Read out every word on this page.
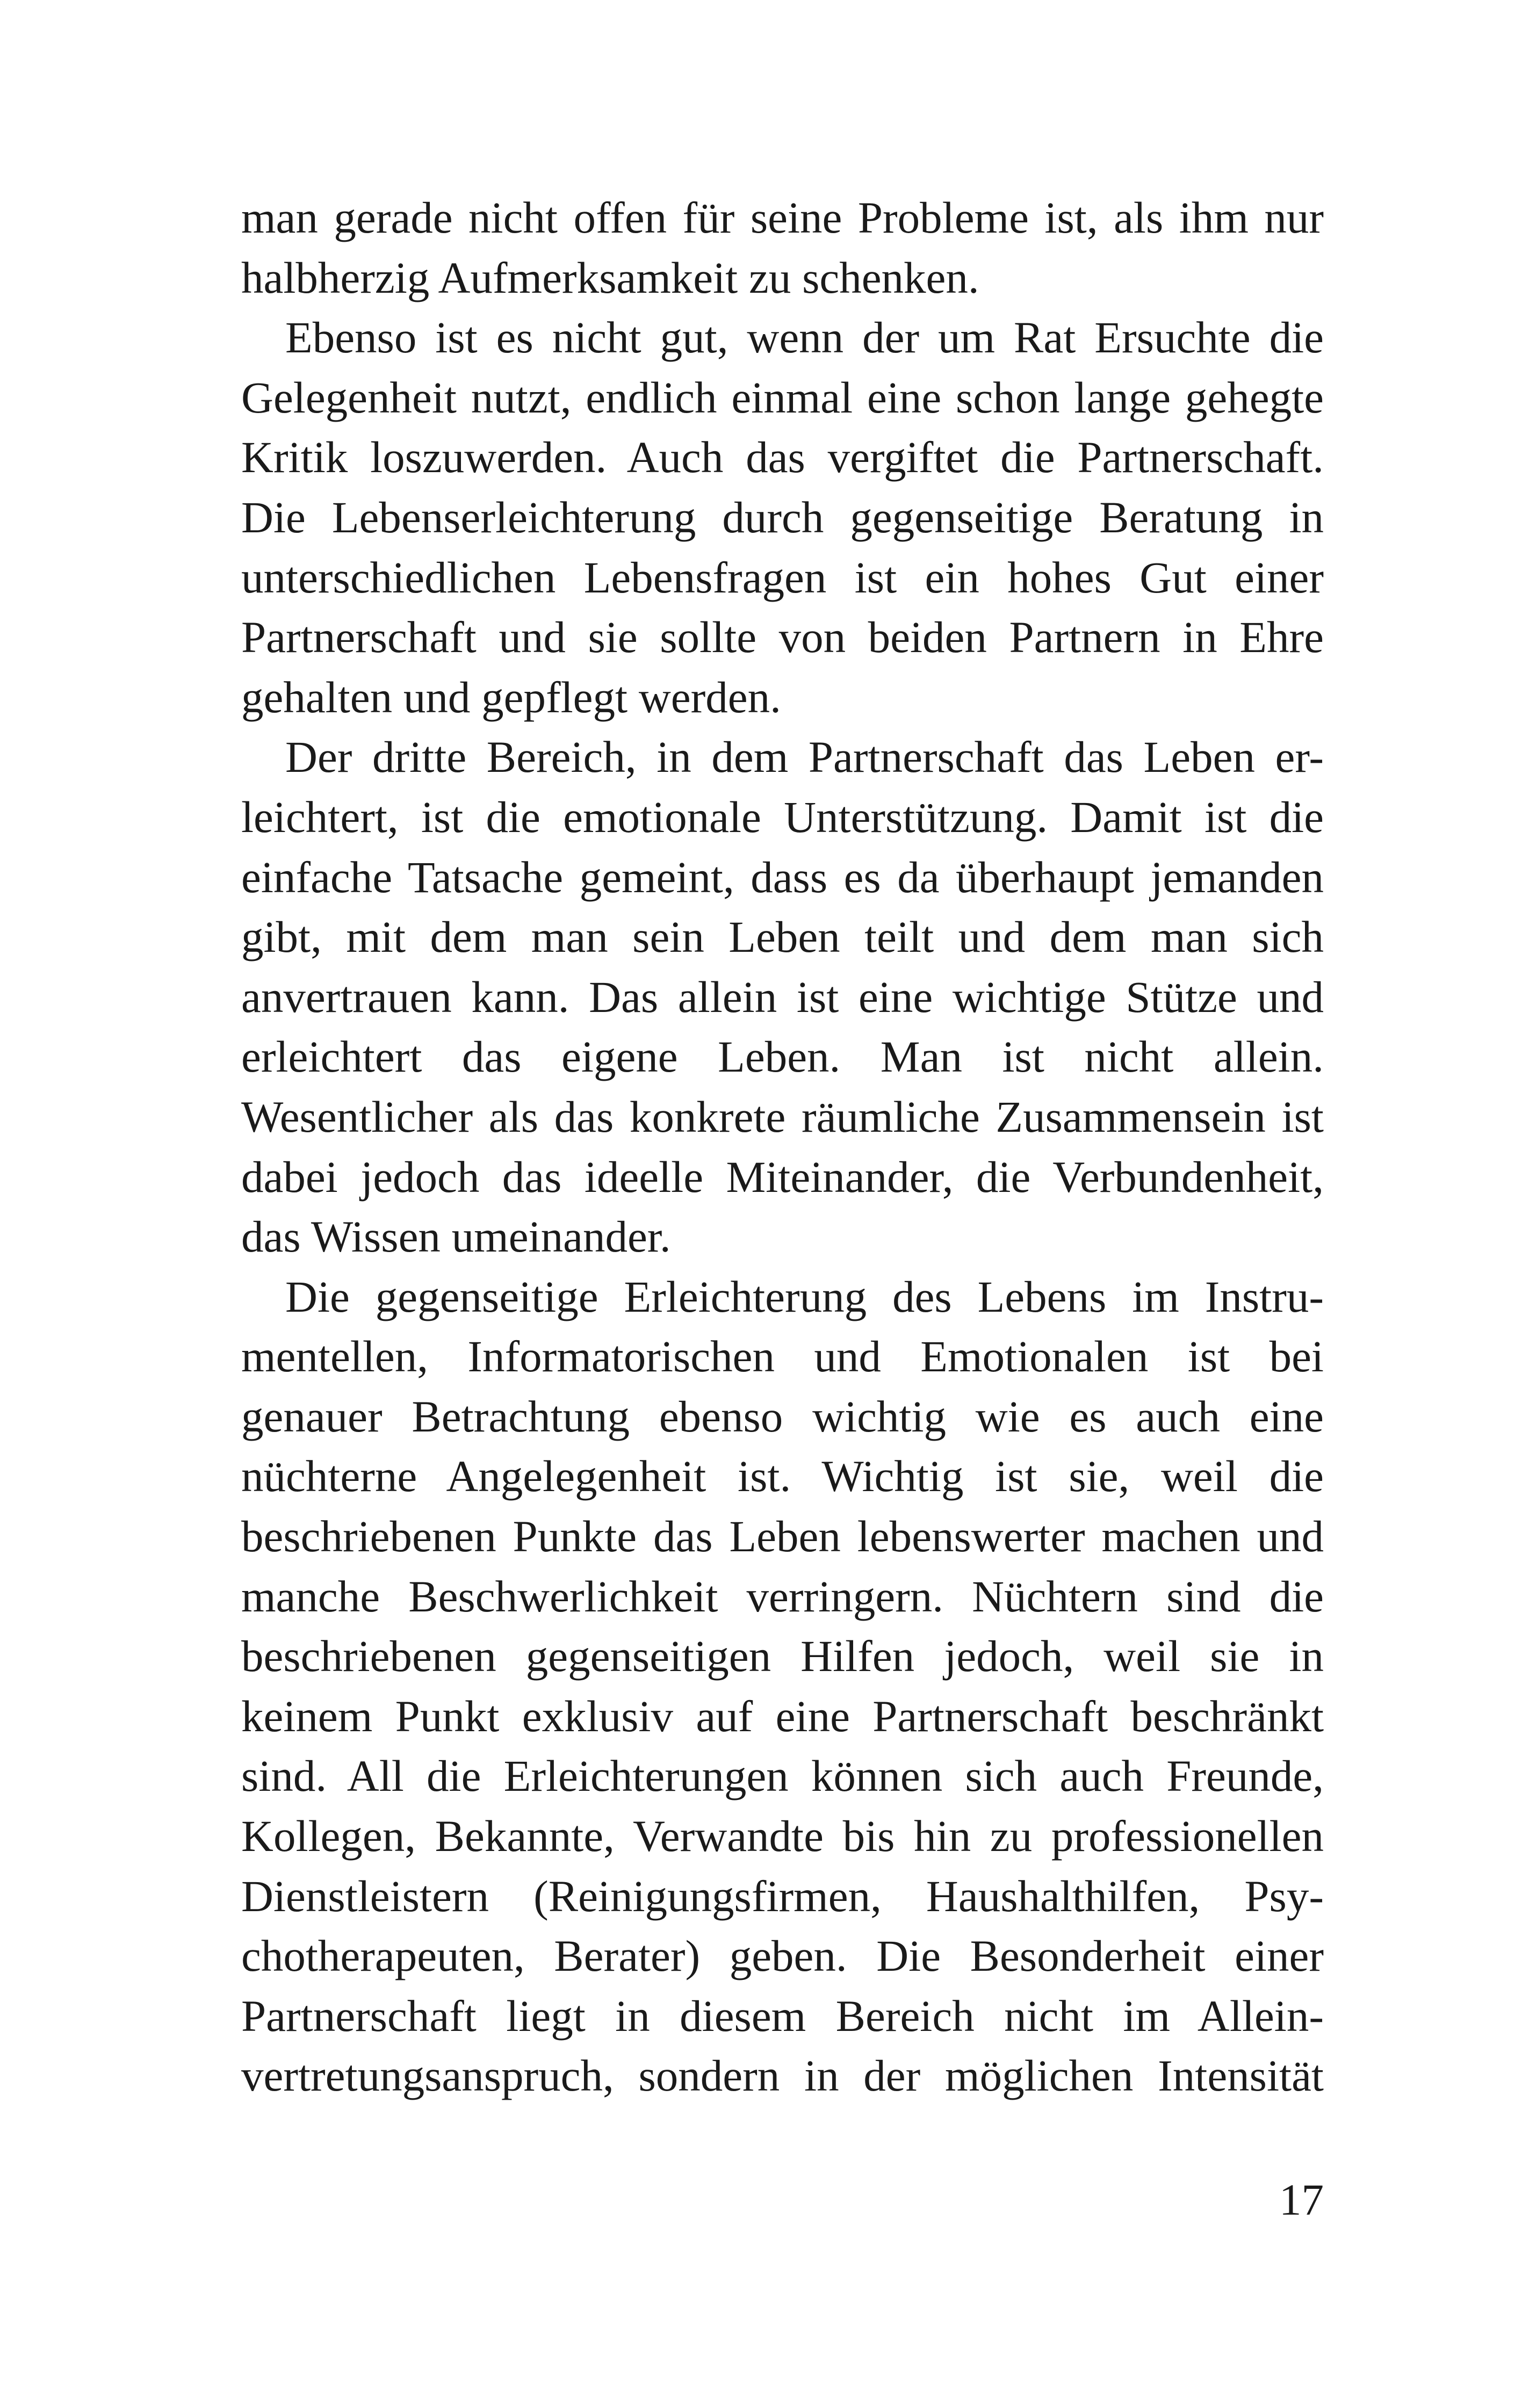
man gerade nicht offen für seine Probleme ist, als ihm nur
halbherzig Aufmerksamkeit zu schenken.
Ebenso ist es nicht gut, wenn der um Rat Ersuchte die
Gelegenheit nutzt, endlich einmal eine schon lange gehegte
Kritik loszuwerden. Auch das vergiftet die Partnerschaft.
Die Lebenserleichterung durch gegenseitige Beratung in
unterschiedlichen Lebensfragen ist ein hohes Gut einer
Partnerschaft und sie sollte von beiden Partnern in Ehre
gehalten und gepflegt werden.
Der dritte Bereich, in dem Partnerschaft das Leben er-
leichtert, ist die emotionale Unterstützung. Damit ist die
einfache Tatsache gemeint, dass es da überhaupt jemanden
gibt, mit dem man sein Leben teilt und dem man sich
anvertrauen kann. Das allein ist eine wichtige Stütze und
erleichtert das eigene Leben. Man ist nicht allein.
Wesentlicher als das konkrete räumliche Zusammensein ist
dabei jedoch das ideelle Miteinander, die Verbundenheit,
das Wissen umeinander.
Die gegenseitige Erleichterung des Lebens im Instru-
mentellen, Informatorischen und Emotionalen ist bei
genauer Betrachtung ebenso wichtig wie es auch eine
nüchterne Angelegenheit ist. Wichtig ist sie, weil die
beschriebenen Punkte das Leben lebenswerter machen und
manche Beschwerlichkeit verringern. Nüchtern sind die
beschriebenen gegenseitigen Hilfen jedoch, weil sie in
keinem Punkt exklusiv auf eine Partnerschaft beschränkt
sind. All die Erleichterungen können sich auch Freunde,
Kollegen, Bekannte, Verwandte bis hin zu professionellen
Dienstleistern (Reinigungsfirmen, Haushalthilfen, Psy-
chotherapeuten, Berater) geben. Die Besonderheit einer
Partnerschaft liegt in diesem Bereich nicht im Allein-
vertretungsanspruch, sondern in der möglichen Intensität
17
